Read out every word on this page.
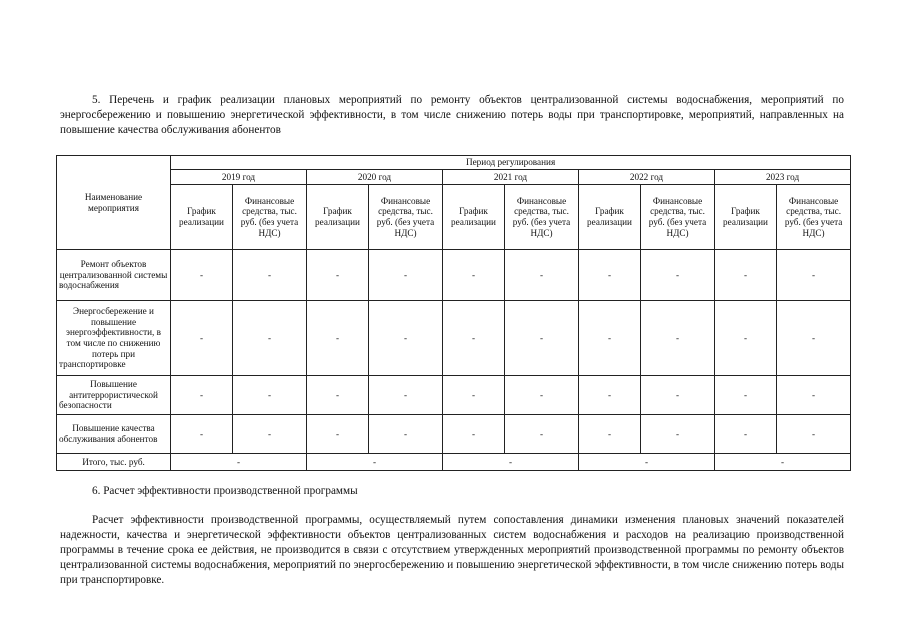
5. Перечень и график реализации плановых мероприятий по ремонту объектов централизованной системы водоснабжения, мероприятий по энергосбережению и повышению энергетической эффективности, в том числе снижению потерь воды при транспортировке, мероприятий, направленных на повышение качества обслуживания абонентов
Наименование мероприятия	Период регулирования									
	2019 год		2020 год		2021 год		2022 год		2023 год	
	График реализации	Финансовые средства, тыс. руб. (без учета НДС)	График реализации	Финансовые средства, тыс. руб. (без учета НДС)	График реализации	Финансовые средства, тыс. руб. (без учета НДС)	График реализации	Финансовые средства, тыс. руб. (без учета НДС)	График реализации	Финансовые средства, тыс. руб. (без учета НДС)
Ремонт объектов централизованной системы водоснабжения	-	-	-	-	-	-	-	-	-	-
Энергосбережение и повышение энергоэффективности, в том числе по снижению потерь при транспортировке	-	-	-	-	-	-	-	-	-	-
Повышение антитеррористической безопасности	-	-	-	-	-	-	-	-	-	-
Повышение качества обслуживания абонентов	-	-	-	-	-	-	-	-	-	-
Итого, тыс. руб.	-		-		-		-		-	
6. Расчет эффективности производственной программы
Расчет эффективности производственной программы, осуществляемый путем сопоставления динамики изменения плановых значений показателей надежности, качества и энергетической эффективности объектов централизованных систем водоснабжения и расходов на реализацию производственной программы в течение срока ее действия, не производится в связи с отсутствием утвержденных мероприятий производственной программы по ремонту объектов централизованной системы водоснабжения, мероприятий по энергосбережению и повышению энергетической эффективности, в том числе снижению потерь воды при транспортировке.
